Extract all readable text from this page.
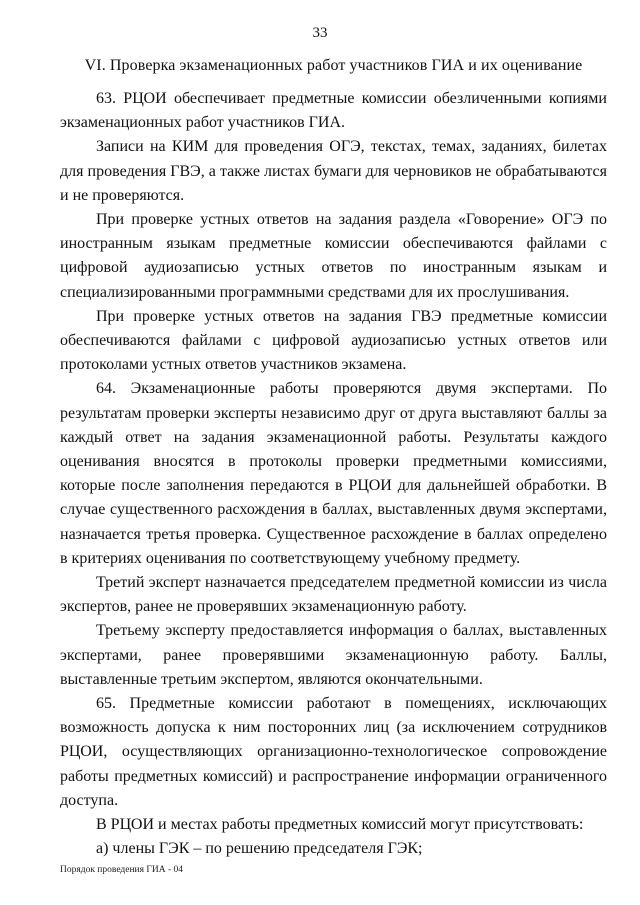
33
VI. Проверка экзаменационных работ участников ГИА и их оценивание

63. РЦОИ обеспечивает предметные комиссии обезличенными копиями экзаменационных работ участников ГИА.

Записи на КИМ для проведения ОГЭ, текстах, темах, заданиях, билетах для проведения ГВЭ, а также листах бумаги для черновиков не обрабатываются и не проверяются.

При проверке устных ответов на задания раздела «Говорение» ОГЭ по иностранным языкам предметные комиссии обеспечиваются файлами с цифровой аудиозаписью устных ответов по иностранным языкам и специализированными программными средствами для их прослушивания.

При проверке устных ответов на задания ГВЭ предметные комиссии обеспечиваются файлами с цифровой аудиозаписью устных ответов или протоколами устных ответов участников экзамена.

64. Экзаменационные работы проверяются двумя экспертами. По результатам проверки эксперты независимо друг от друга выставляют баллы за каждый ответ на задания экзаменационной работы. Результаты каждого оценивания вносятся в протоколы проверки предметными комиссиями, которые после заполнения передаются в РЦОИ для дальнейшей обработки. В случае существенного расхождения в баллах, выставленных двумя экспертами, назначается третья проверка. Существенное расхождение в баллах определено в критериях оценивания по соответствующему учебному предмету.

Третий эксперт назначается председателем предметной комиссии из числа экспертов, ранее не проверявших экзаменационную работу.

Третьему эксперту предоставляется информация о баллах, выставленных экспертами, ранее проверявшими экзаменационную работу. Баллы, выставленные третьим экспертом, являются окончательными.

65. Предметные комиссии работают в помещениях, исключающих возможность допуска к ним посторонних лиц (за исключением сотрудников РЦОИ, осуществляющих организационно-технологическое сопровождение работы предметных комиссий) и распространение информации ограниченного доступа.

В РЦОИ и местах работы предметных комиссий могут присутствовать:

а) члены ГЭК – по решению председателя ГЭК;

Порядок проведения ГИА - 04
